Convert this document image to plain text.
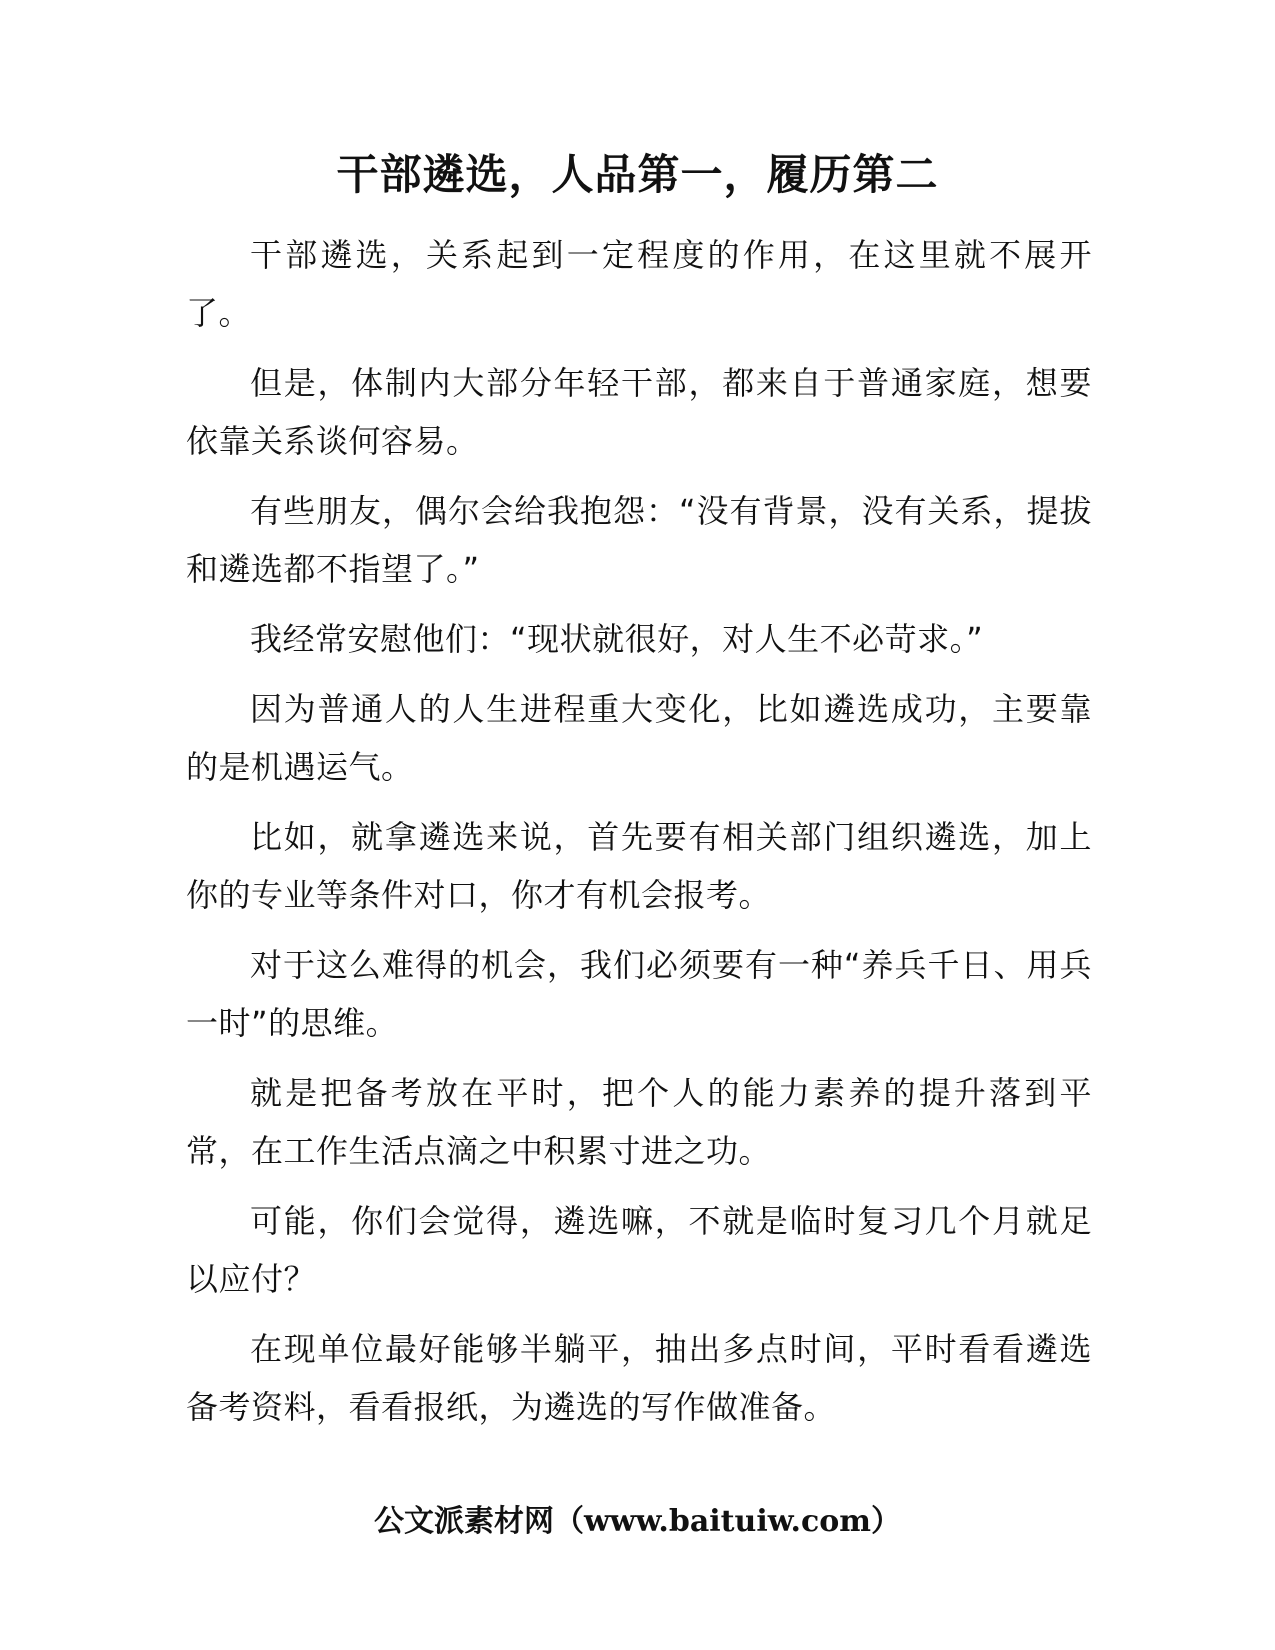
干部遴选，人品第一，履历第二

干部遴选，关系起到一定程度的作用，在这里就不展开了。

但是，体制内大部分年轻干部，都来自于普通家庭，想要依靠关系谈何容易。

有些朋友，偶尔会给我抱怨：“没有背景，没有关系，提拔和遴选都不指望了。”

我经常安慰他们：“现状就很好，对人生不必苛求。”

因为普通人的人生进程重大变化，比如遴选成功，主要靠的是机遇运气。

比如，就拿遴选来说，首先要有相关部门组织遴选，加上你的专业等条件对口，你才有机会报考。

对于这么难得的机会，我们必须要有一种“养兵千日、用兵一时”的思维。

就是把备考放在平时，把个人的能力素养的提升落到平常，在工作生活点滴之中积累寸进之功。

可能，你们会觉得，遴选嘛，不就是临时复习几个月就足以应付？

在现单位最好能够半躺平，抽出多点时间，平时看看遴选备考资料，看看报纸，为遴选的写作做准备。

公文派素材网（www.baituiw.com）
